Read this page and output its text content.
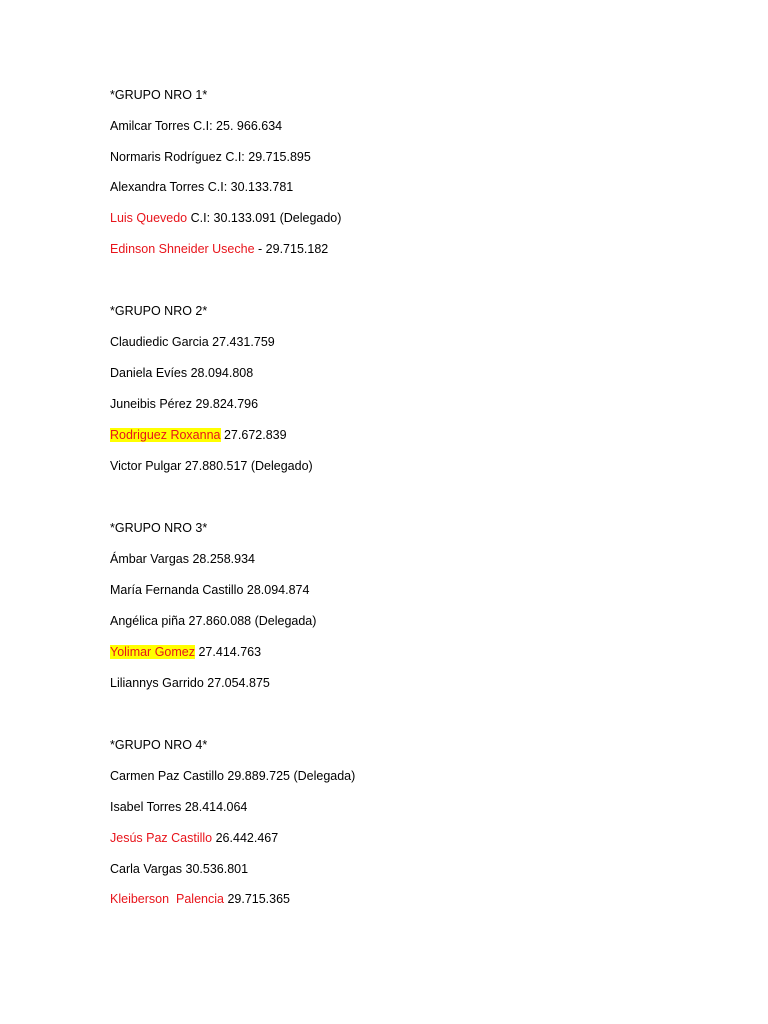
*GRUPO NRO 1*
Amilcar Torres C.I: 25. 966.634
Normaris Rodríguez C.I: 29.715.895
Alexandra Torres C.I: 30.133.781
Luis Quevedo C.I: 30.133.091 (Delegado)
Edinson Shneider Useche - 29.715.182
*GRUPO NRO 2*
Claudiedic Garcia 27.431.759
Daniela Evíes 28.094.808
Juneibis Pérez 29.824.796
Rodriguez Roxanna 27.672.839
Victor Pulgar 27.880.517 (Delegado)
*GRUPO NRO 3*
Ámbar Vargas 28.258.934
María Fernanda Castillo 28.094.874
Angélica piña 27.860.088 (Delegada)
Yolimar Gomez 27.414.763
Liliannys Garrido 27.054.875
*GRUPO NRO 4*
Carmen Paz Castillo 29.889.725 (Delegada)
Isabel Torres 28.414.064
Jesús Paz Castillo 26.442.467
Carla Vargas 30.536.801
Kleiberson  Palencia 29.715.365
